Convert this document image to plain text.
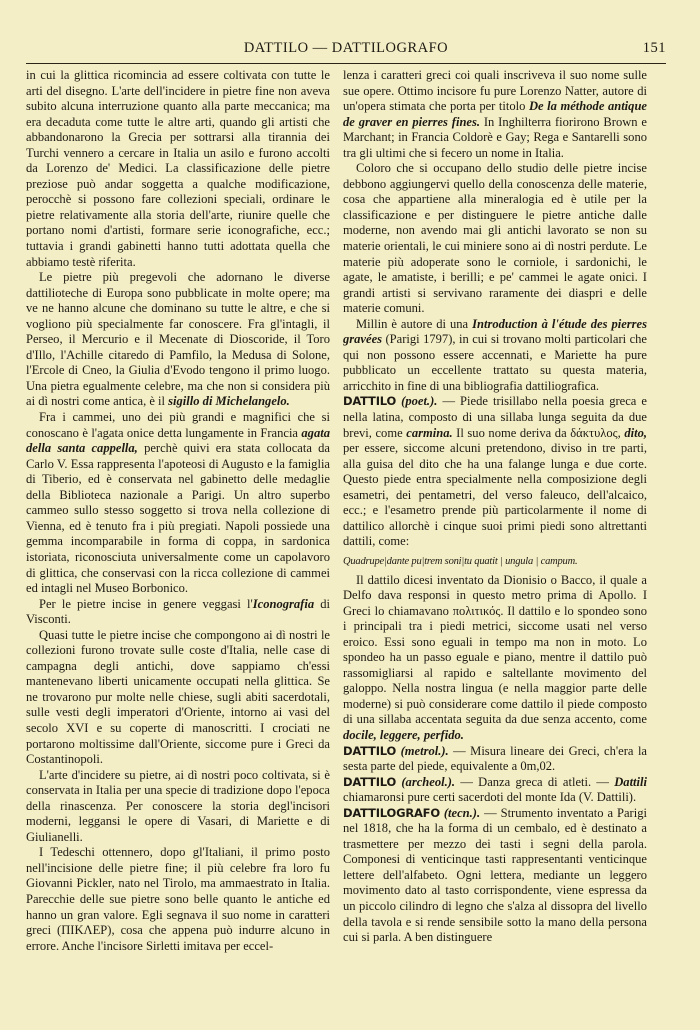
DATTILO — DATTILOGRAFO	151

in cui la glittica ricomincia ad essere coltivata con tutte le arti del disegno. L'arte dell'incidere in pietre fine non aveva subito alcuna interruzione quanto alla parte meccanica; ma era decaduta come tutte le altre arti, quando gli artisti che abbandonarono la Grecia per sottrarsi alla tirannia dei Turchi vennero a cercare in Italia un asilo e furono accolti da Lorenzo de' Medici. La classificazione delle pietre preziose può andar soggetta a qualche modificazione, perocchè si possono fare collezioni speciali, ordinare le pietre relativamente alla storia dell'arte, riunire quelle che portano nomi d'artisti, formare serie iconografiche, ecc.; tuttavia i grandi gabinetti hanno tutti adottata quella che abbiamo testè riferita.

Le pietre più pregevoli che adornano le diverse dattilioteche di Europa sono pubblicate in molte opere; ma ve ne hanno alcune che dominano su tutte le altre, e che si vogliono più specialmente far conoscere. Fra gl'intagli, il Perseo, il Mercurio e il Mecenate di Dioscoride, il Toro d'Illo, l'Achille citaredo di Pamfilo, la Medusa di Solone, l'Ercole di Cneo, la Giulia d'Evodo tengono il primo luogo. Una pietra egualmente celebre, ma che non si considera più ai dì nostri come antica, è il sigillo di Michelangelo.

Fra i cammei, uno dei più grandi e magnifici che si conoscano è l'agata onice detta lungamente in Francia agata della santa cappella, perchè quivi era stata collocata da Carlo V. Essa rappresenta l'apoteosi di Augusto e la famiglia di Tiberio, ed è conservata nel gabinetto delle medaglie della Biblioteca nazionale a Parigi. Un altro superbo cammeo sullo stesso soggetto si trova nella collezione di Vienna, ed è tenuto fra i più pregiati. Napoli possiede una gemma incomparabile in forma di coppa, in sardonica istoriata, riconosciuta universalmente come un capolavoro di glittica, che conservasi con la ricca collezione di cammei ed intagli nel Museo Borbonico.

Per le pietre incise in genere veggasi l'Iconografia di Visconti.

Quasi tutte le pietre incise che compongono ai dì nostri le collezioni furono trovate sulle coste d'Italia, nelle case di campagna degli antichi, dove sappiamo ch'essi mantenevano liberti unicamente occupati nella glittica. Se ne trovarono pur molte nelle chiese, sugli abiti sacerdotali, sulle vesti degli imperatori d'Oriente, intorno ai vasi del secolo XVI e su coperte di manoscritti. I crociati ne portarono moltissime dall'Oriente, siccome pure i Greci da Costantinopoli.

L'arte d'incidere su pietre, ai dì nostri poco coltivata, si è conservata in Italia per una specie di tradizione dopo l'epoca della rinascenza. Per conoscere la storia degl'incisori moderni, leggansi le opere di Vasari, di Mariette e di Giulianelli.

I Tedeschi ottennero, dopo gl'Italiani, il primo posto nell'incisione delle pietre fine; il più celebre fra loro fu Giovanni Pickler, nato nel Tirolo, ma ammaestrato in Italia. Parecchie delle sue pietre sono belle quanto le antiche ed hanno un gran valore. Egli segnava il suo nome in caratteri greci (ΠΙΚΛΕΡ), cosa che appena può indurre alcuno in errore. Anche l'incisore Sirletti imitava per eccel-

lenza i caratteri greci coi quali inscriveva il suo nome sulle sue opere. Ottimo incisore fu pure Lorenzo Natter, autore di un'opera stimata che porta per titolo De la méthode antique de graver en pierres fines. In Inghilterra fiorirono Brown e Marchant; in Francia Coldorè e Gay; Rega e Santarelli sono tra gli ultimi che si fecero un nome in Italia.

Coloro che si occupano dello studio delle pietre incise debbono aggiungervi quello della conoscenza delle materie, cosa che appartiene alla mineralogia ed è utile per la classificazione e per distinguere le pietre antiche dalle moderne, non avendo mai gli antichi lavorato se non su materie orientali, le cui miniere sono ai dì nostri perdute. Le materie più adoperate sono le corniole, i sardonichi, le agate, le amatiste, i berilli; e pe' cammei le agate onici. I grandi artisti si servivano raramente dei diaspri e delle materie comuni.

Millin è autore di una Introduction à l'étude des pierres gravées (Parigi 1797), in cui si trovano molti particolari che qui non possono essere accennati, e Mariette ha pure pubblicato un eccellente trattato su questa materia, arricchito in fine di una bibliografia dattiliografica.

DATTILO (poet.). — Piede trisillabo nella poesia greca e nella latina, composto di una sillaba lunga seguita da due brevi, come carmina. Il suo nome deriva da δάκτυλος, dito, per essere, siccome alcuni pretendono, diviso in tre parti, alla guisa del dito che ha una falange lunga e due corte. Questo piede entra specialmente nella composizione degli esametri, dei pentametri, del verso faleuco, dell'alcaico, ecc.; e l'esametro prende più particolarmente il nome di dattilico allorchè i cinque suoi primi piedi sono altrettanti dattili, come:

Quadrupe|dante pu|trem soni|tu quatit | ungula | campum.

Il dattilo dicesi inventato da Dionisio o Bacco, il quale a Delfo dava responsi in questo metro prima di Apollo. I Greci lo chiamavano πολιτικός. Il dattilo e lo spondeo sono i principali tra i piedi metrici, siccome usati nel verso eroico. Essi sono eguali in tempo ma non in moto. Lo spondeo ha un passo eguale e piano, mentre il dattilo può rassomigliarsi al rapido e saltellante movimento del galoppo. Nella nostra lingua (e nella maggior parte delle moderne) si può considerare come dattilo il piede composto di una sillaba accentata seguita da due senza accento, come docile, leggere, perfido.

DATTILO (metrol.). — Misura lineare dei Greci, ch'era la sesta parte del piede, equivalente a 0m,02.

DATTILO (archeol.). — Danza greca di atleti. — Dattili chiamaronsi pure certi sacerdoti del monte Ida (V. Dattili).

DATTILOGRAFO (tecn.). — Strumento inventato a Parigi nel 1818, che ha la forma di un cembalo, ed è destinato a trasmettere per mezzo dei tasti i segni della parola. Componesi di venticinque tasti rappresentanti venticinque lettere dell'alfabeto. Ogni lettera, mediante un leggero movimento dato al tasto corrispondente, viene espressa da un piccolo cilindro di legno che s'alza al dissopra del livello della tavola e si rende sensibile sotto la mano della persona cui si parla. A ben distinguere
